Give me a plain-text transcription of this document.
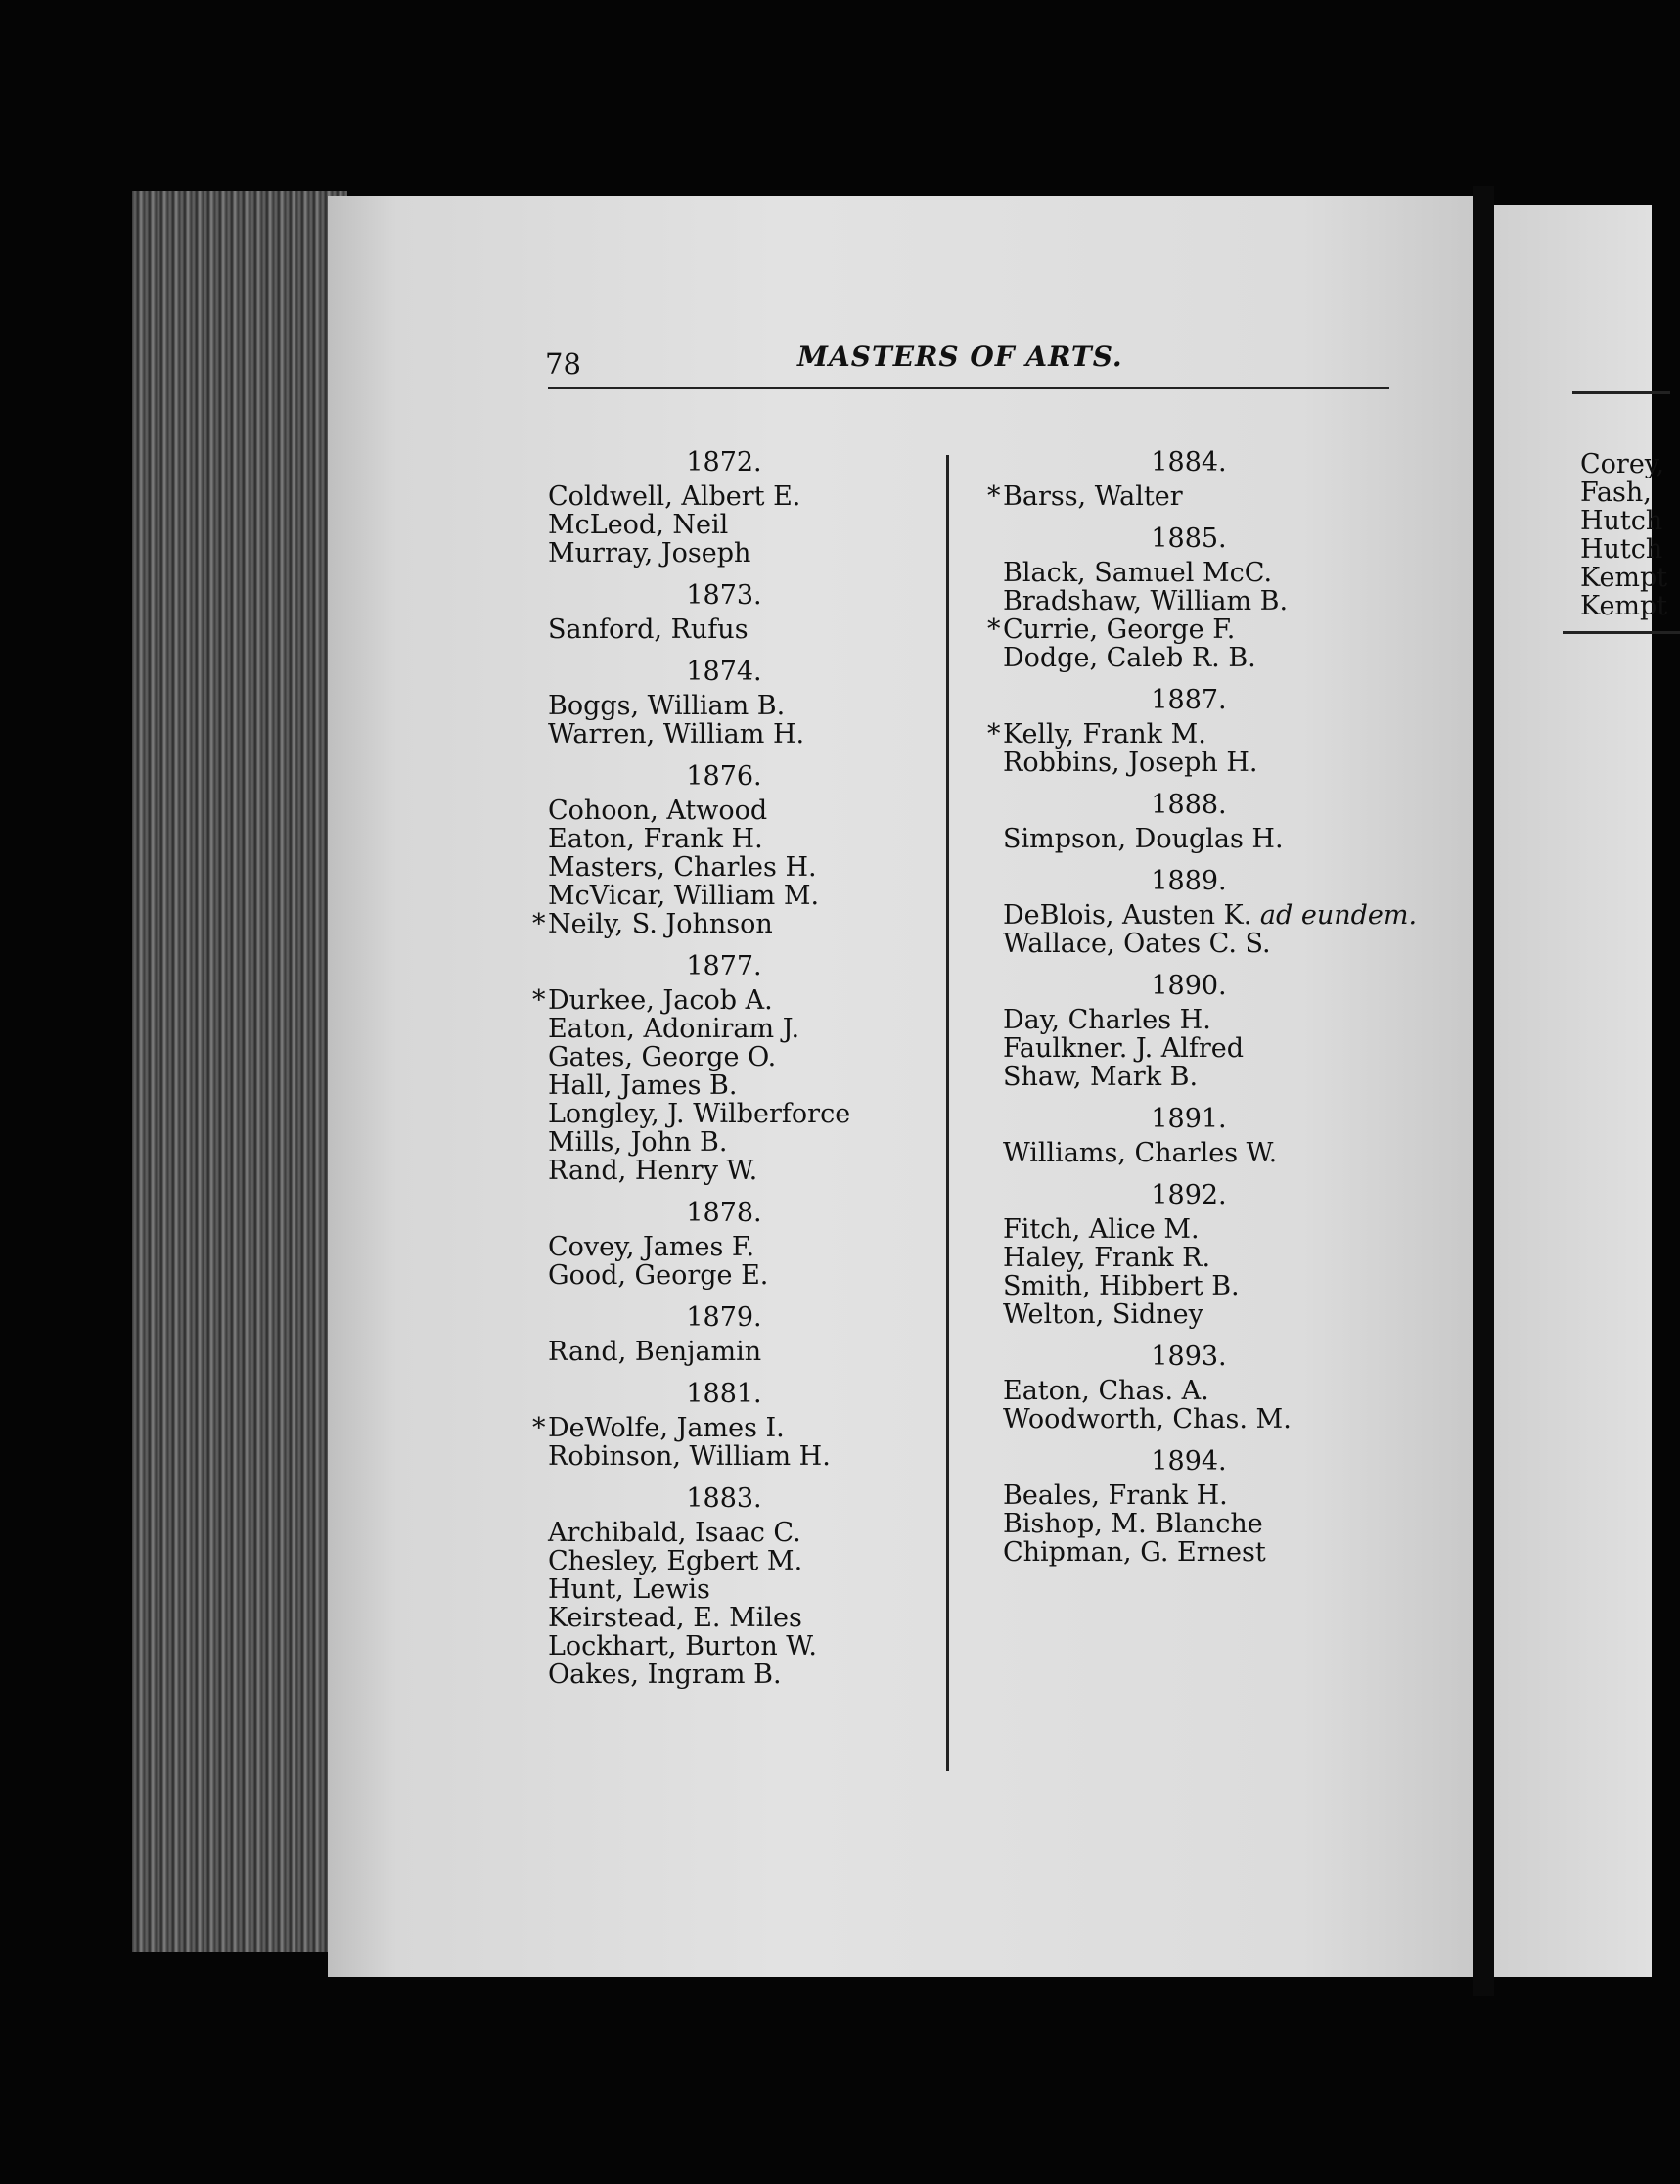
78	MASTERS OF ARTS.
1872.
Coldwell, Albert E.
McLeod, Neil
Murray, Joseph
1873.
Sanford, Rufus
1874.
Boggs, William B.
Warren, William H.
1876.
Cohoon, Atwood
Eaton, Frank H.
Masters, Charles H.
McVicar, William M.
* Neily, S. Johnson
1877.
* Durkee, Jacob A.
Eaton, Adoniram J.
Gates, George O.
Hall, James B.
Longley, J. Wilberforce
Mills, John B.
Rand, Henry W.
1878.
Covey, James F.
Good, George E.
1879.
Rand, Benjamin
1881.
* DeWolfe, James I.
Robinson, William H.
1883.
Archibald, Isaac C.
Chesley, Egbert M.
Hunt, Lewis
Keirstead, E. Miles
Lockhart, Burton W.
Oakes, Ingram B.
1884.
* Barss, Walter
1885.
Black, Samuel McC.
Bradshaw, William B.
* Currie, George F.
Dodge, Caleb R. B.
1887.
* Kelly, Frank M.
Robbins, Joseph H.
1888.
Simpson, Douglas H.
1889.
DeBlois, Austen K. ad eundem.
Wallace, Oates C. S.
1890.
Day, Charles H.
Faulkner. J. Alfred
Shaw, Mark B.
1891.
Williams, Charles W.
1892.
Fitch, Alice M.
Haley, Frank R.
Smith, Hibbert B.
Welton, Sidney
1893.
Eaton, Chas. A.
Woodworth, Chas. M.
1894.
Beales, Frank H.
Bishop, M. Blanche
Chipman, G. Ernest
Corey,
Fash,
Hutch
Hutch
Kempt
Kempt
